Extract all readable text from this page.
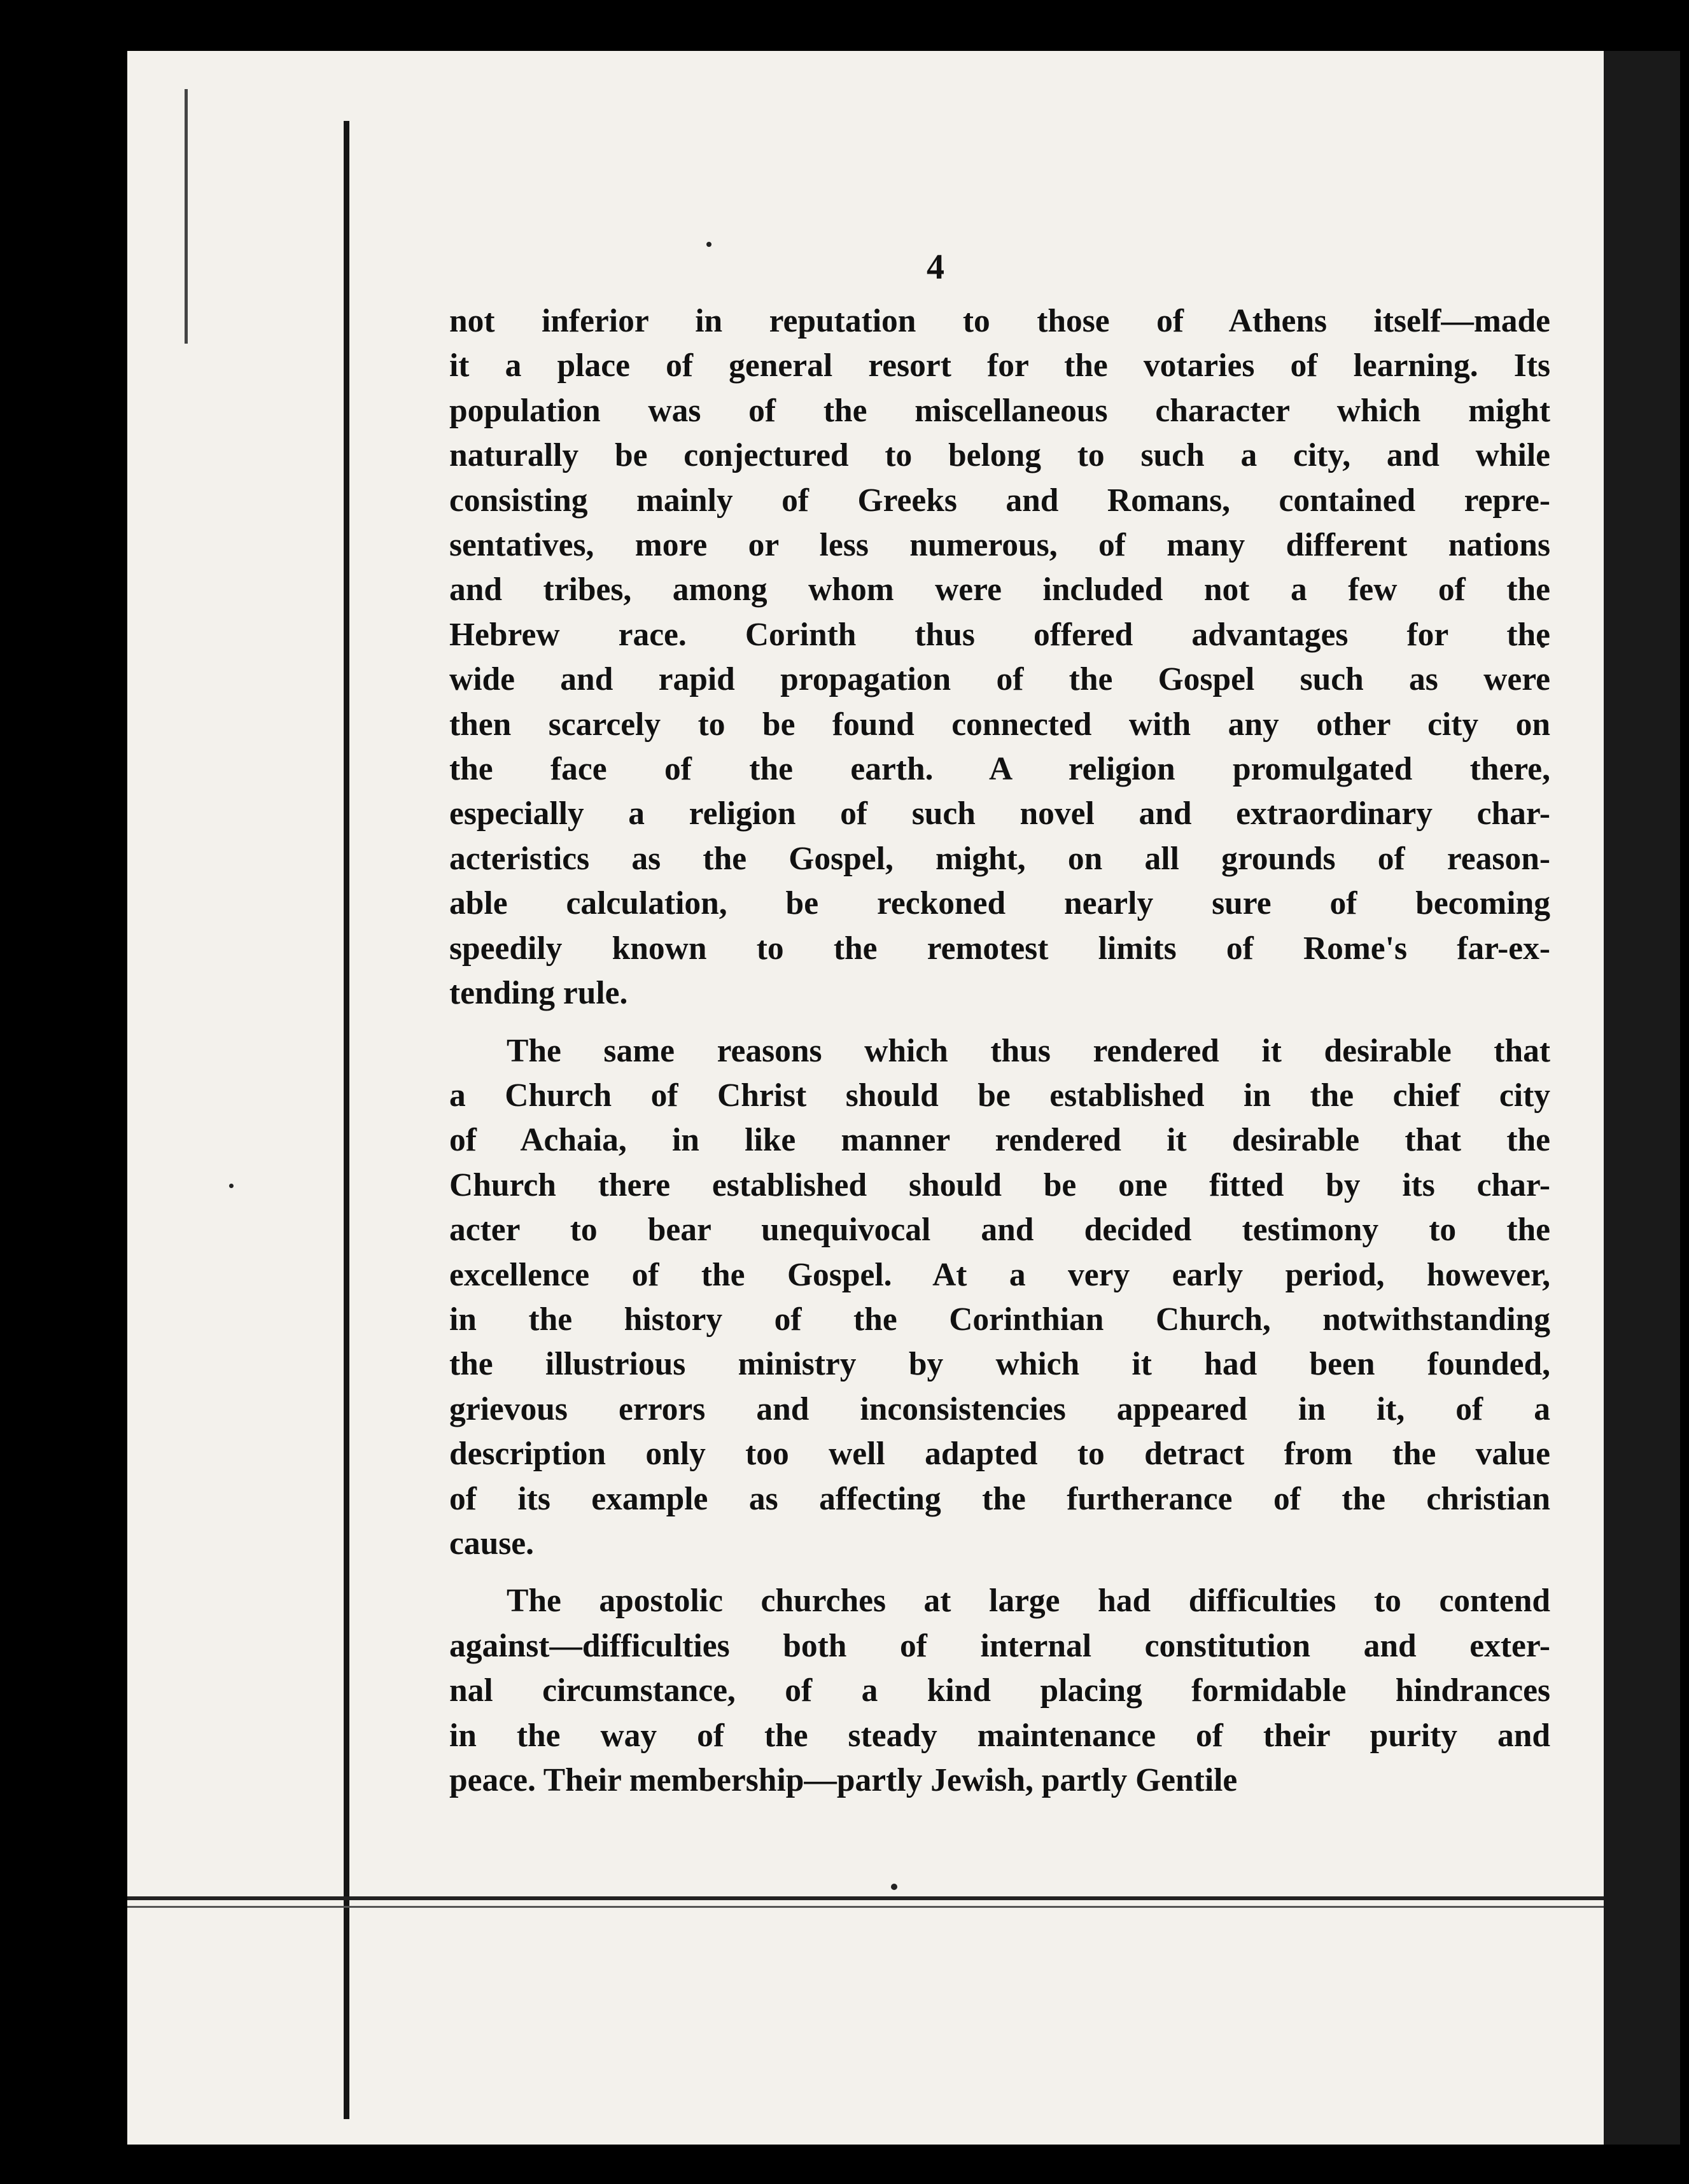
4
not inferior in reputation to those of Athens itself—made
it a place of general resort for the votaries of learning. Its
population was of the miscellaneous character which might
naturally be conjectured to belong to such a city, and while
consisting mainly of Greeks and Romans, contained repre-
sentatives, more or less numerous, of many different nations
and tribes, among whom were included not a few of the
Hebrew race. Corinth thus offered advantages for the
wide and rapid propagation of the Gospel such as were
then scarcely to be found connected with any other city on
the face of the earth. A religion promulgated there,
especially a religion of such novel and extraordinary char-
acteristics as the Gospel, might, on all grounds of reason-
able calculation, be reckoned nearly sure of becoming
speedily known to the remotest limits of Rome's far-ex-
tending rule.
The same reasons which thus rendered it desirable that
a Church of Christ should be established in the chief city
of Achaia, in like manner rendered it desirable that the
Church there established should be one fitted by its char-
acter to bear unequivocal and decided testimony to the
excellence of the Gospel. At a very early period, however,
in the history of the Corinthian Church, notwithstanding
the illustrious ministry by which it had been founded,
grievous errors and inconsistencies appeared in it, of a
description only too well adapted to detract from the value
of its example as affecting the furtherance of the christian
cause.
The apostolic churches at large had difficulties to contend
against—difficulties both of internal constitution and exter-
nal circumstance, of a kind placing formidable hindrances
in the way of the steady maintenance of their purity and
peace. Their membership—partly Jewish, partly Gentile
